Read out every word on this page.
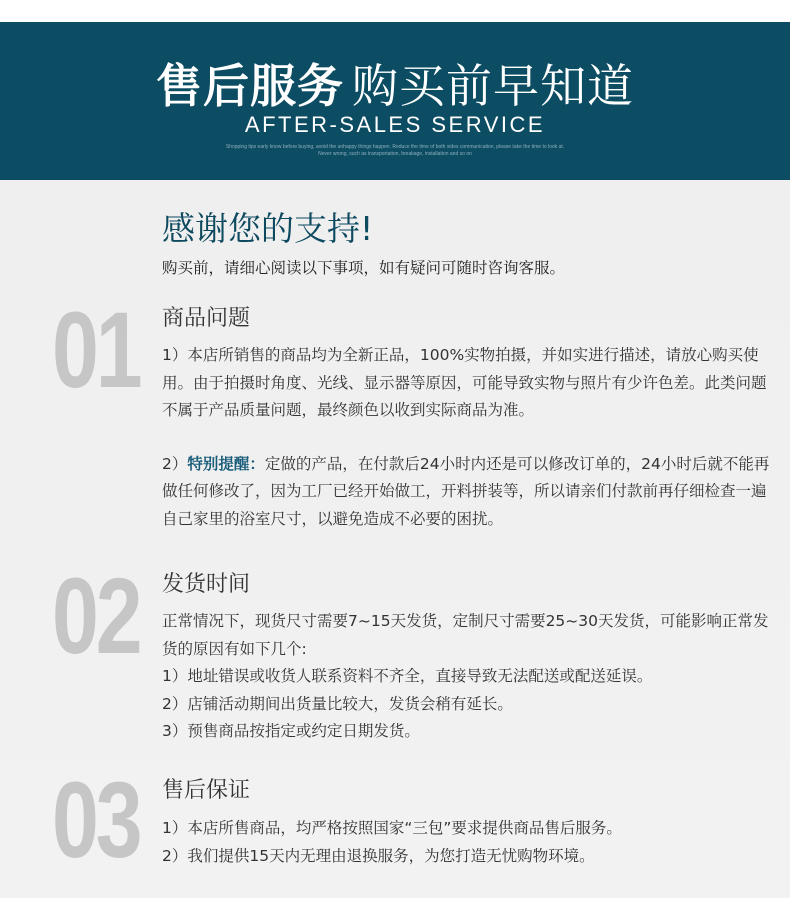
售后服务 购买前早知道
AFTER-SALES SERVICE
Shopping tips early know before buying, avoid the unhappy things happen. Reduce the time of both sides communication, please take the time to look at.
Never wrong, such as transportation, breakage, installation and so on
感谢您的支持!
购买前，请细心阅读以下事项，如有疑问可随时咨询客服。
01 商品问题

1）本店所销售的商品均为全新正品，100%实物拍摄，并如实进行描述，请放心购买使用。由于拍摄时角度、光线、显示器等原因，可能导致实物与照片有少许色差。此类问题不属于产品质量问题，最终颜色以收到实际商品为准。

2）特别提醒：定做的产品，在付款后24小时内还是可以修改订单的，24小时后就不能再做任何修改了，因为工厂已经开始做工，开料拼装等，所以请亲们付款前再仔细检查一遍自己家里的浴室尺寸，以避免造成不必要的困扰。

02 发货时间

正常情况下，现货尺寸需要7~15天发货，定制尺寸需要25~30天发货，可能影响正常发货的原因有如下几个:

1）地址错误或收货人联系资料不齐全，直接导致无法配送或配送延误。

2）店铺活动期间出货量比较大，发货会稍有延长。

3）预售商品按指定或约定日期发货。

03 售后保证

1）本店所售商品，均严格按照国家“三包”要求提供商品售后服务。

2）我们提供15天内无理由退换服务，为您打造无忧购物环境。
